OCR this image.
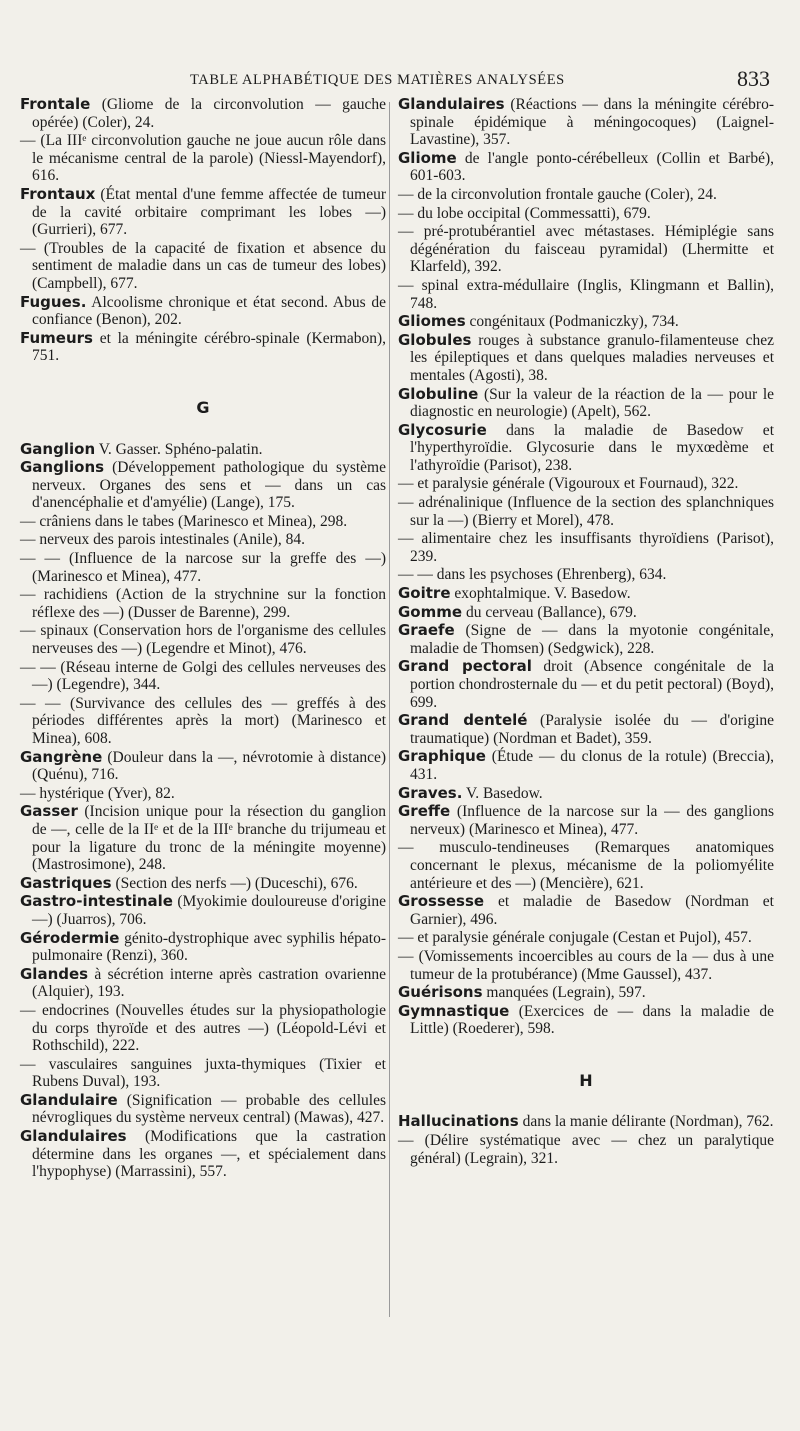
TABLE ALPHABÉTIQUE DES MATIÈRES ANALYSÉES	833
Frontale (Gliome de la circonvolution — gauche opérée) (Coler), 24.
— (La IIIᵉ circonvolution gauche ne joue aucun rôle dans le mécanisme central de la parole) (Niessl-Mayendorf), 616.
Frontaux (État mental d'une femme affectée de tumeur de la cavité orbitaire comprimant les lobes —) (Gurrieri), 677.
— (Troubles de la capacité de fixation et absence du sentiment de maladie dans un cas de tumeur des lobes) (Campbell), 677.
Fugues. Alcoolisme chronique et état second. Abus de confiance (Benon), 202.
Fumeurs et la méningite cérébro-spinale (Kermabon), 751.
G
Ganglion V. Gasser. Sphéno-palatin.
Ganglions (Développement pathologique du système nerveux. Organes des sens et — dans un cas d'anencéphalie et d'amyélie) (Lange), 175.
— crâniens dans le tabes (Marinesco et Minea), 298.
— nerveux des parois intestinales (Anile), 84.
— — (Influence de la narcose sur la greffe des —) (Marinesco et Minea), 477.
— rachidiens (Action de la strychnine sur la fonction réflexe des —) (Dusser de Barenne), 299.
— spinaux (Conservation hors de l'organisme des cellules nerveuses des —) (Legendre et Minot), 476.
— — (Réseau interne de Golgi des cellules nerveuses des —) (Legendre), 344.
— — (Survivance des cellules des — greffés à des périodes différentes après la mort) (Marinesco et Minea), 608.
Gangrène (Douleur dans la —, névrotomie à distance) (Quénu), 716.
— hystérique (Yver), 82.
Gasser (Incision unique pour la résection du ganglion de —, celle de la IIᵉ et de la IIIᵉ branche du trijumeau et pour la ligature du tronc de la méningite moyenne) (Mastrosimone), 248.
Gastriques (Section des nerfs —) (Duceschi), 676.
Gastro-intestinale (Myokimie douloureuse d'origine —) (Juarros), 706.
Gérodermie génito-dystrophique avec syphilis hépato-pulmonaire (Renzi), 360.
Glandes à sécrétion interne après castration ovarienne (Alquier), 193.
— endocrines (Nouvelles études sur la physiopathologie du corps thyroïde et des autres —) (Léopold-Lévi et Rothschild), 222.
— vasculaires sanguines juxta-thymiques (Tixier et Rubens Duval), 193.
Glandulaire (Signification — probable des cellules névrogliques du système nerveux central) (Mawas), 427.
Glandulaires (Modifications que la castration détermine dans les organes —, et spécialement dans l'hypophyse) (Marrassini), 557.
Glandulaires (Réactions — dans la méningite cérébro-spinale épidémique à méningocoques) (Laignel-Lavastine), 357.
Gliome de l'angle ponto-cérébelleux (Collin et Barbé), 601-603.
— de la circonvolution frontale gauche (Coler), 24.
— du lobe occipital (Commessatti), 679.
— pré-protubérantiel avec métastases. Hémiplégie sans dégénération du faisceau pyramidal) (Lhermitte et Klarfeld), 392.
— spinal extra-médullaire (Inglis, Klingmann et Ballin), 748.
Gliomes congénitaux (Podmaniczky), 734.
Globules rouges à substance granulo-filamenteuse chez les épileptiques et dans quelques maladies nerveuses et mentales (Agosti), 38.
Globuline (Sur la valeur de la réaction de la — pour le diagnostic en neurologie) (Apelt), 562.
Glycosurie dans la maladie de Basedow et l'hyperthyroïdie. Glycosurie dans le myxœdème et l'athyroïdie (Parisot), 238.
— et paralysie générale (Vigouroux et Fournaud), 322.
— adrénalinique (Influence de la section des splanchniques sur la —) (Bierry et Morel), 478.
— alimentaire chez les insuffisants thyroïdiens (Parisot), 239.
— — dans les psychoses (Ehrenberg), 634.
Goitre exophtalmique. V. Basedow.
Gomme du cerveau (Ballance), 679.
Graefe (Signe de — dans la myotonie congénitale, maladie de Thomsen) (Sedgwick), 228.
Grand pectoral droit (Absence congénitale de la portion chondrosternale du — et du petit pectoral) (Boyd), 699.
Grand dentelé (Paralysie isolée du — d'origine traumatique) (Nordman et Badet), 359.
Graphique (Étude — du clonus de la rotule) (Breccia), 431.
Graves. V. Basedow.
Greffe (Influence de la narcose sur la — des ganglions nerveux) (Marinesco et Minea), 477.
— musculo-tendineuses (Remarques anatomiques concernant le plexus, mécanisme de la poliomyélite antérieure et des —) (Mencière), 621.
Grossesse et maladie de Basedow (Nordman et Garnier), 496.
— et paralysie générale conjugale (Cestan et Pujol), 457.
— (Vomissements incoercibles au cours de la — dus à une tumeur de la protubérance) (Mme Gaussel), 437.
Guérisons manquées (Legrain), 597.
Gymnastique (Exercices de — dans la maladie de Little) (Roederer), 598.
H
Hallucinations dans la manie délirante (Nordman), 762.
— (Délire systématique avec — chez un paralytique général) (Legrain), 321.
